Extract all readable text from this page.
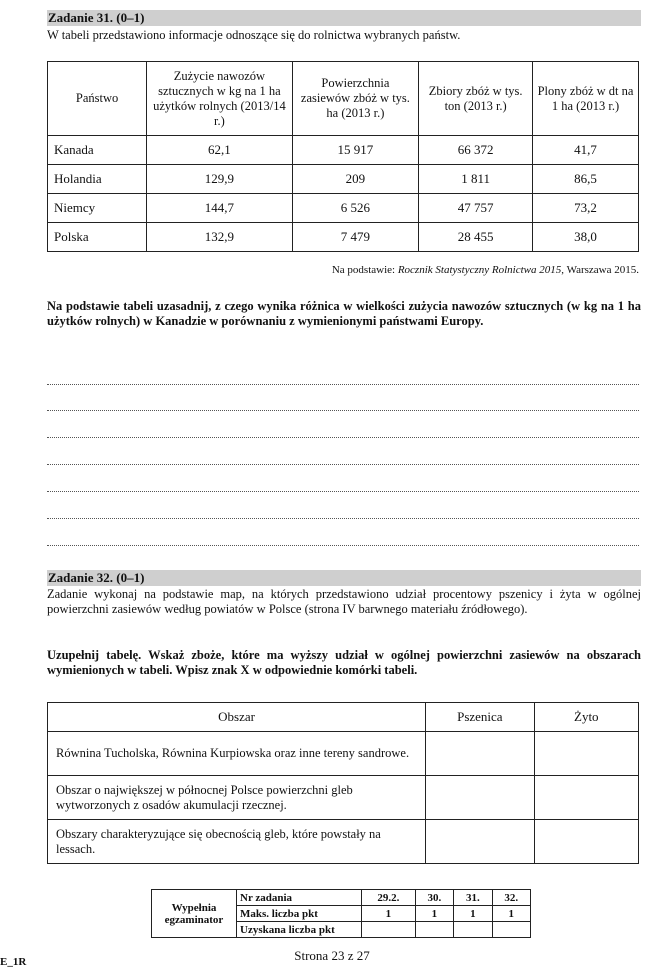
Zadanie 31. (0–1)
W tabeli przedstawiono informacje odnoszące się do rolnictwa wybranych państw.
Państwo	Zużycie nawozów sztucznych w kg na 1 ha użytków rolnych (2013/14 r.)	Powierzchnia zasiewów zbóż w tys. ha (2013 r.)	Zbiory zbóż w tys. ton (2013 r.)	Plony zbóż w dt na 1 ha (2013 r.)
Kanada	62,1	15 917	66 372	41,7
Holandia	129,9	209	1 811	86,5
Niemcy	144,7	6 526	47 757	73,2
Polska	132,9	7 479	28 455	38,0
Na podstawie: Rocznik Statystyczny Rolnictwa 2015, Warszawa 2015.
Na podstawie tabeli uzasadnij, z czego wynika różnica w wielkości zużycia nawozów sztucznych (w kg na 1 ha użytków rolnych) w Kanadzie w porównaniu z wymienionymi państwami Europy.
Zadanie 32. (0–1)
Zadanie wykonaj na podstawie map, na których przedstawiono udział procentowy pszenicy i żyta w ogólnej powierzchni zasiewów według powiatów w Polsce (strona IV barwnego materiału źródłowego).
Uzupełnij tabelę. Wskaż zboże, które ma wyższy udział w ogólnej powierzchni zasiewów na obszarach wymienionych w tabeli. Wpisz znak X w odpowiednie komórki tabeli.
Obszar	Pszenica	Żyto
Równina Tucholska, Równina Kurpiowska oraz inne tereny sandrowe.		
Obszar o największej w północnej Polsce powierzchni gleb wytworzonych z osadów akumulacji rzecznej.		
Obszary charakteryzujące się obecnością gleb, które powstały na lessach.		
Wypełnia egzaminator	Nr zadania	29.2.	30.	31.	32.
	Maks. liczba pkt	1	1	1	1
	Uzyskana liczba pkt				
E_1R	Strona 23 z 27
